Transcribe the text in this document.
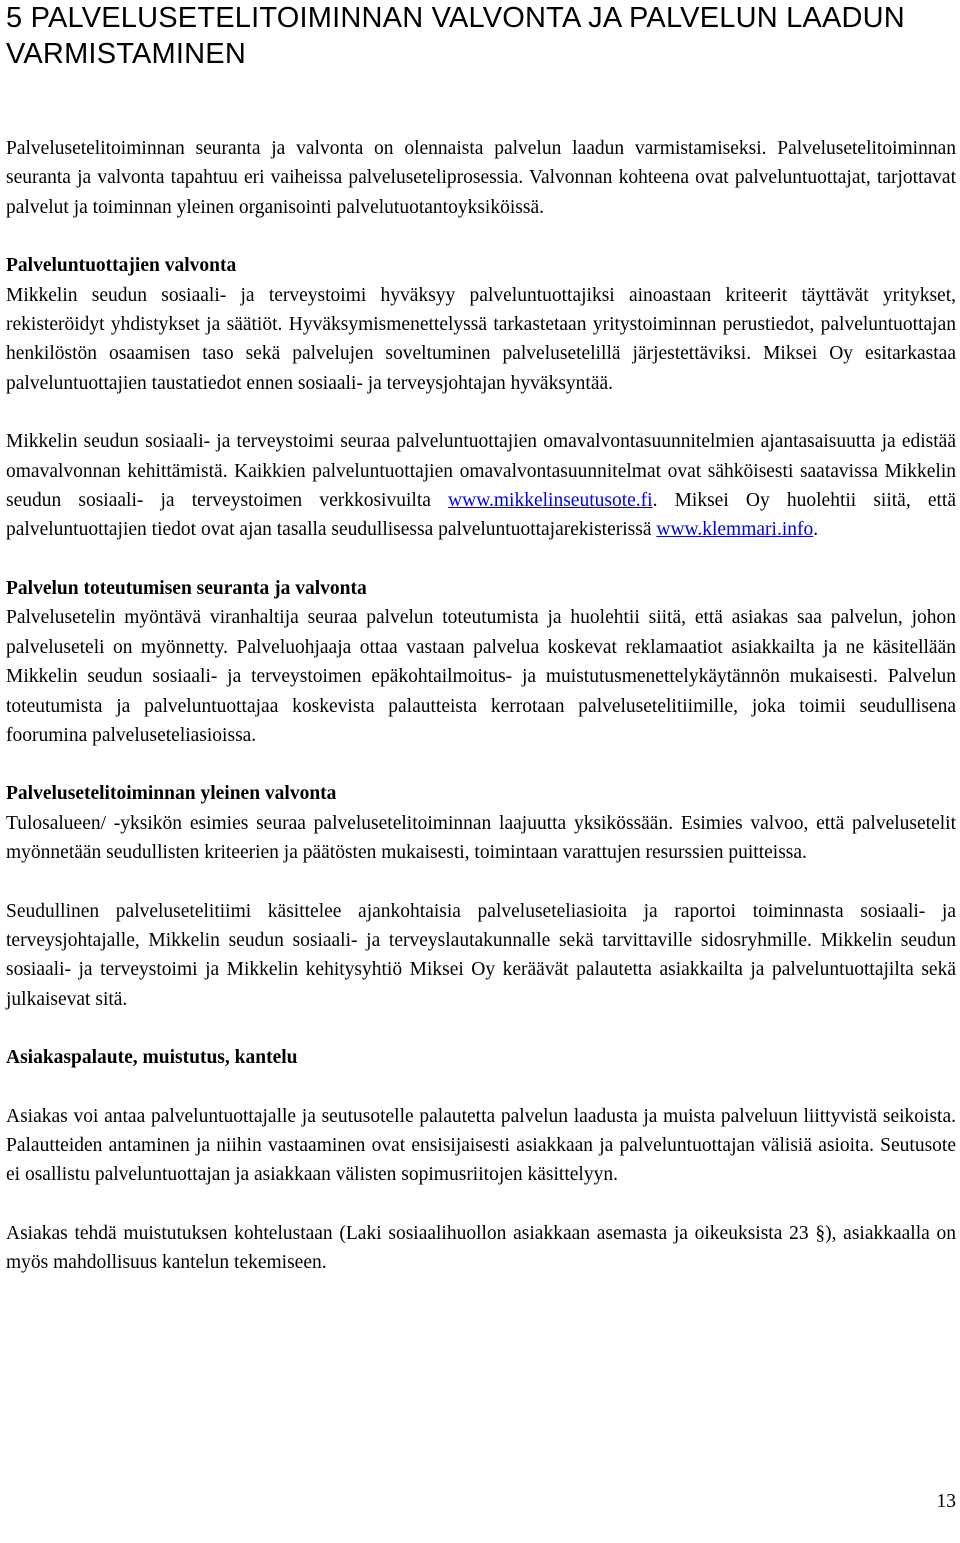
5 PALVELUSETELITOIMINNAN VALVONTA JA PALVELUN LAADUN VARMISTAMINEN

Palvelusetelitoiminnan seuranta ja valvonta on olennaista palvelun laadun varmistamiseksi. Palvelusetelitoiminnan seuranta ja valvonta tapahtuu eri vaiheissa palveluseteliprosessia. Valvonnan kohteena ovat palveluntuottajat, tarjottavat palvelut ja toiminnan yleinen organisointi palvelutuotantoyksiköissä.

Palveluntuottajien valvonta

Mikkelin seudun sosiaali- ja terveystoimi hyväksyy palveluntuottajiksi ainoastaan kriteerit täyttävät yritykset, rekisteröidyt yhdistykset ja säätiöt. Hyväksymismenettelyssä tarkastetaan yritystoiminnan perustiedot, palveluntuottajan henkilöstön osaamisen taso sekä palvelujen soveltuminen palvelusetelillä järjestettäviksi. Miksei Oy esitarkastaa palveluntuottajien taustatiedot ennen sosiaali- ja terveysjohtajan hyväksyntää.

Mikkelin seudun sosiaali- ja terveystoimi seuraa palveluntuottajien omavalvontasuunnitelmien ajantasaisuutta ja edistää omavalvonnan kehittämistä. Kaikkien palveluntuottajien omavalvontasuunnitelmat ovat sähköisesti saatavissa Mikkelin seudun sosiaali- ja terveystoimen verkkosivuilta www.mikkelinseutusote.fi. Miksei Oy huolehtii siitä, että palveluntuottajien tiedot ovat ajan tasalla seudullisessa palveluntuottajarekisterissä www.klemmari.info.

Palvelun toteutumisen seuranta ja valvonta

Palvelusetelin myöntävä viranhaltija seuraa palvelun toteutumista ja huolehtii siitä, että asiakas saa palvelun, johon palveluseteli on myönnetty. Palveluohjaaja ottaa vastaan palvelua koskevat reklamaatiot asiakkailta ja ne käsitellään Mikkelin seudun sosiaali- ja terveystoimen epäkohtailmoitus- ja muistutusmenettelykäytännön mukaisesti. Palvelun toteutumista ja palveluntuottajaa koskevista palautteista kerrotaan palvelusetelitiimille, joka toimii seudullisena foorumina palveluseteliasioissa.

Palvelusetelitoiminnan yleinen valvonta

Tulosalueen/ -yksikön esimies seuraa palvelusetelitoiminnan laajuutta yksikössään. Esimies valvoo, että palvelusetelit myönnetään seudullisten kriteerien ja päätösten mukaisesti, toimintaan varattujen resurssien puitteissa.

Seudullinen palvelusetelitiimi käsittelee ajankohtaisia palveluseteliasioita ja raportoi toiminnasta sosiaali- ja terveysjohtajalle, Mikkelin seudun sosiaali- ja terveyslautakunnalle sekä tarvittaville sidosryhmille. Mikkelin seudun sosiaali- ja terveystoimi ja Mikkelin kehitysyhtiö Miksei Oy keräävät palautetta asiakkailta ja palveluntuottajilta sekä julkaisevat sitä.

Asiakaspalaute, muistutus, kantelu

Asiakas voi antaa palveluntuottajalle ja seutusotelle palautetta palvelun laadusta ja muista palveluun liittyvistä seikoista. Palautteiden antaminen ja niihin vastaaminen ovat ensisijaisesti asiakkaan ja palveluntuottajan välisiä asioita. Seutusote ei osallistu palveluntuottajan ja asiakkaan välisten sopimusriitojen käsittelyyn.

Asiakas tehdä muistutuksen kohtelustaan (Laki sosiaalihuollon asiakkaan asemasta ja oikeuksista 23 §), asiakkaalla on myös mahdollisuus kantelun tekemiseen.

13
